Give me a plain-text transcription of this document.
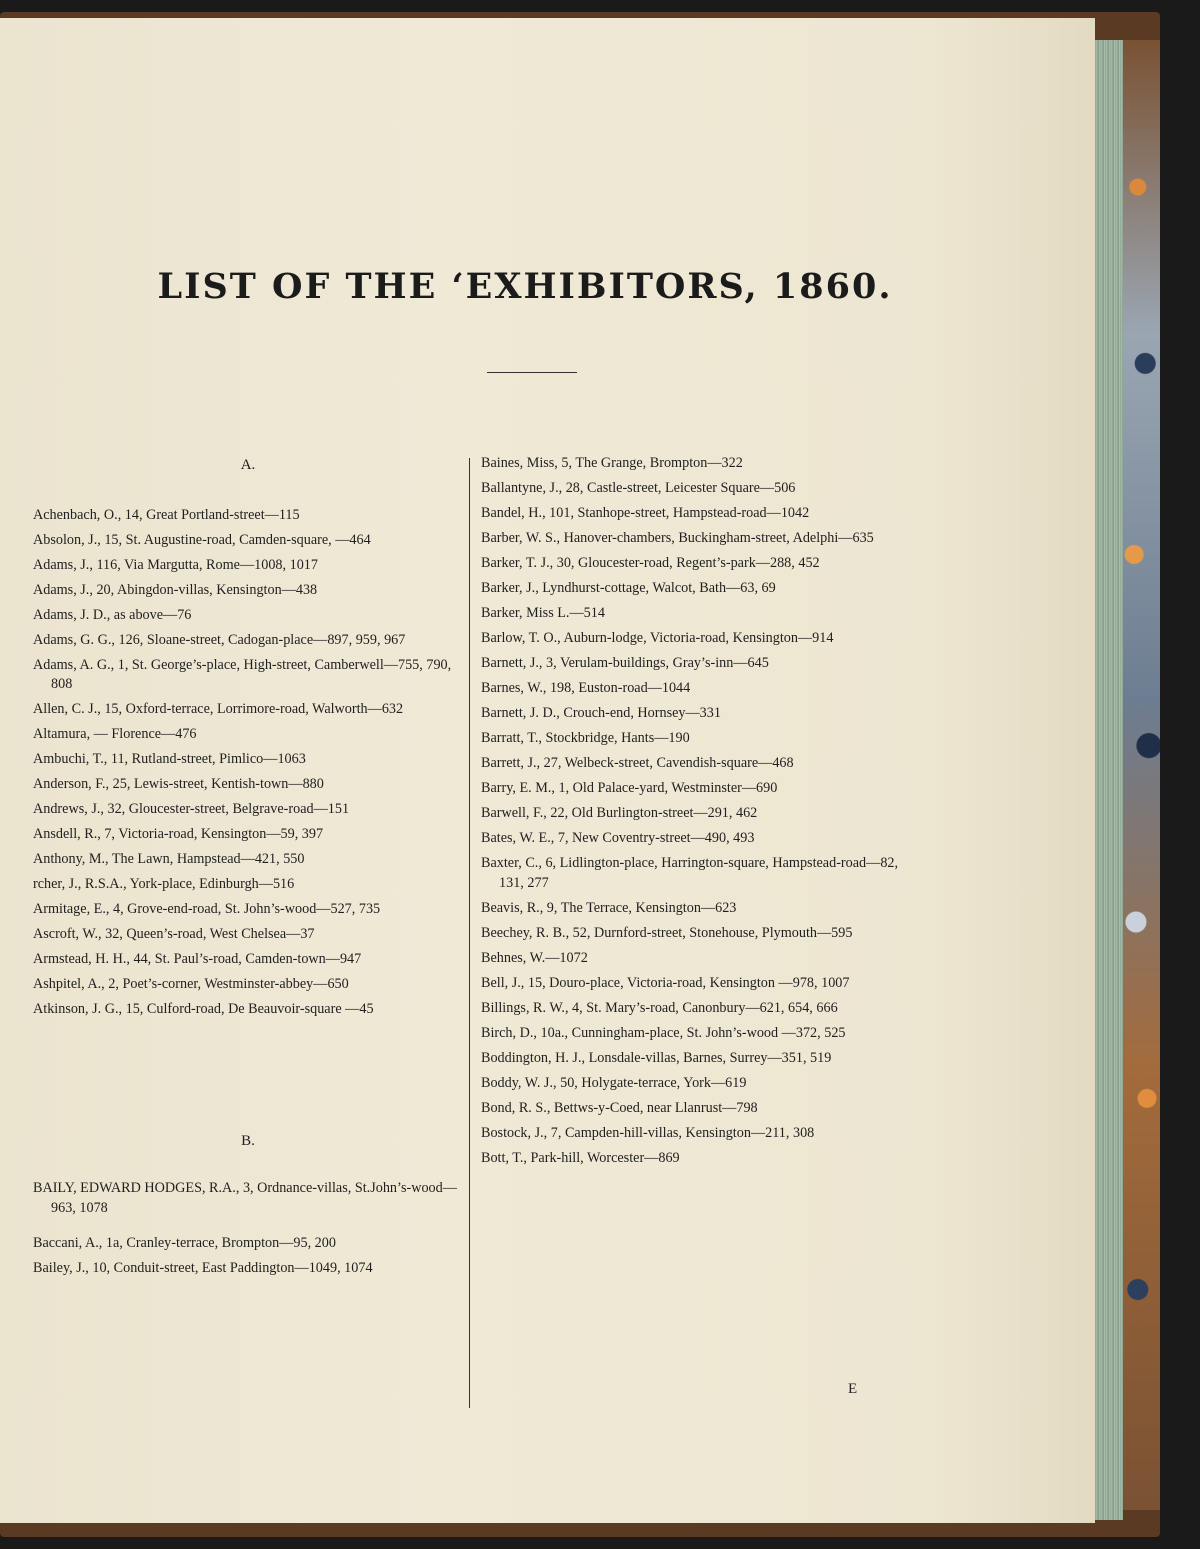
LIST OF THE ‘EXHIBITORS, 1860.
A.
Achenbach, O., 14, Great Portland-street—115
Absolon, J., 15, St. Augustine-road, Camden-square, —464
Adams, J., 116, Via Margutta, Rome—1008, 1017
Adams, J., 20, Abingdon-villas, Kensington—438
Adams, J. D., as above—76
Adams, G. G., 126, Sloane-street, Cadogan-place—897, 959, 967
Adams, A. G., 1, St. George’s-place, High-street, Camberwell—755, 790, 808
Allen, C. J., 15, Oxford-terrace, Lorrimore-road, Walworth—632
Altamura, — Florence—476
Ambuchi, T., 11, Rutland-street, Pimlico—1063
Anderson, F., 25, Lewis-street, Kentish-town—880
Andrews, J., 32, Gloucester-street, Belgrave-road—151
Ansdell, R., 7, Victoria-road, Kensington—59, 397
Anthony, M., The Lawn, Hampstead—421, 550
rcher, J., R.S.A., York-place, Edinburgh—516
Armitage, E., 4, Grove-end-road, St. John’s-wood—527, 735
Ascroft, W., 32, Queen’s-road, West Chelsea—37
Armstead, H. H., 44, St. Paul’s-road, Camden-town—947
Ashpitel, A., 2, Poet’s-corner, Westminster-abbey—650
Atkinson, J. G., 15, Culford-road, De Beauvoir-square —45
B.
BAILY, EDWARD HODGES, R.A., 3, Ordnance-villas, St.John’s-wood—963, 1078
Baccani, A., 1a, Cranley-terrace, Brompton—95, 200
Bailey, J., 10, Conduit-street, East Paddington—1049, 1074
Baines, Miss, 5, The Grange, Brompton—322
Ballantyne, J., 28, Castle-street, Leicester Square—506
Bandel, H., 101, Stanhope-street, Hampstead-road—1042
Barber, W. S., Hanover-chambers, Buckingham-street, Adelphi—635
Barker, T. J., 30, Gloucester-road, Regent’s-park—288, 452
Barker, J., Lyndhurst-cottage, Walcot, Bath—63, 69
Barker, Miss L.—514
Barlow, T. O., Auburn-lodge, Victoria-road, Kensington—914
Barnett, J., 3, Verulam-buildings, Gray’s-inn—645
Barnes, W., 198, Euston-road—1044
Barnett, J. D., Crouch-end, Hornsey—331
Barratt, T., Stockbridge, Hants—190
Barrett, J., 27, Welbeck-street, Cavendish-square—468
Barry, E. M., 1, Old Palace-yard, Westminster—690
Barwell, F., 22, Old Burlington-street—291, 462
Bates, W. E., 7, New Coventry-street—490, 493
Baxter, C., 6, Lidlington-place, Harrington-square, Hampstead-road—82, 131, 277
Beavis, R., 9, The Terrace, Kensington—623
Beechey, R. B., 52, Durnford-street, Stonehouse, Plymouth—595
Behnes, W.—1072
Bell, J., 15, Douro-place, Victoria-road, Kensington —978, 1007
Billings, R. W., 4, St. Mary’s-road, Canonbury—621, 654, 666
Birch, D., 10a., Cunningham-place, St. John’s-wood —372, 525
Boddington, H. J., Lonsdale-villas, Barnes, Surrey—351, 519
Boddy, W. J., 50, Holygate-terrace, York—619
Bond, R. S., Bettws-y-Coed, near Llanrust—798
Bostock, J., 7, Campden-hill-villas, Kensington—211, 308
Bott, T., Park-hill, Worcester—869
E
